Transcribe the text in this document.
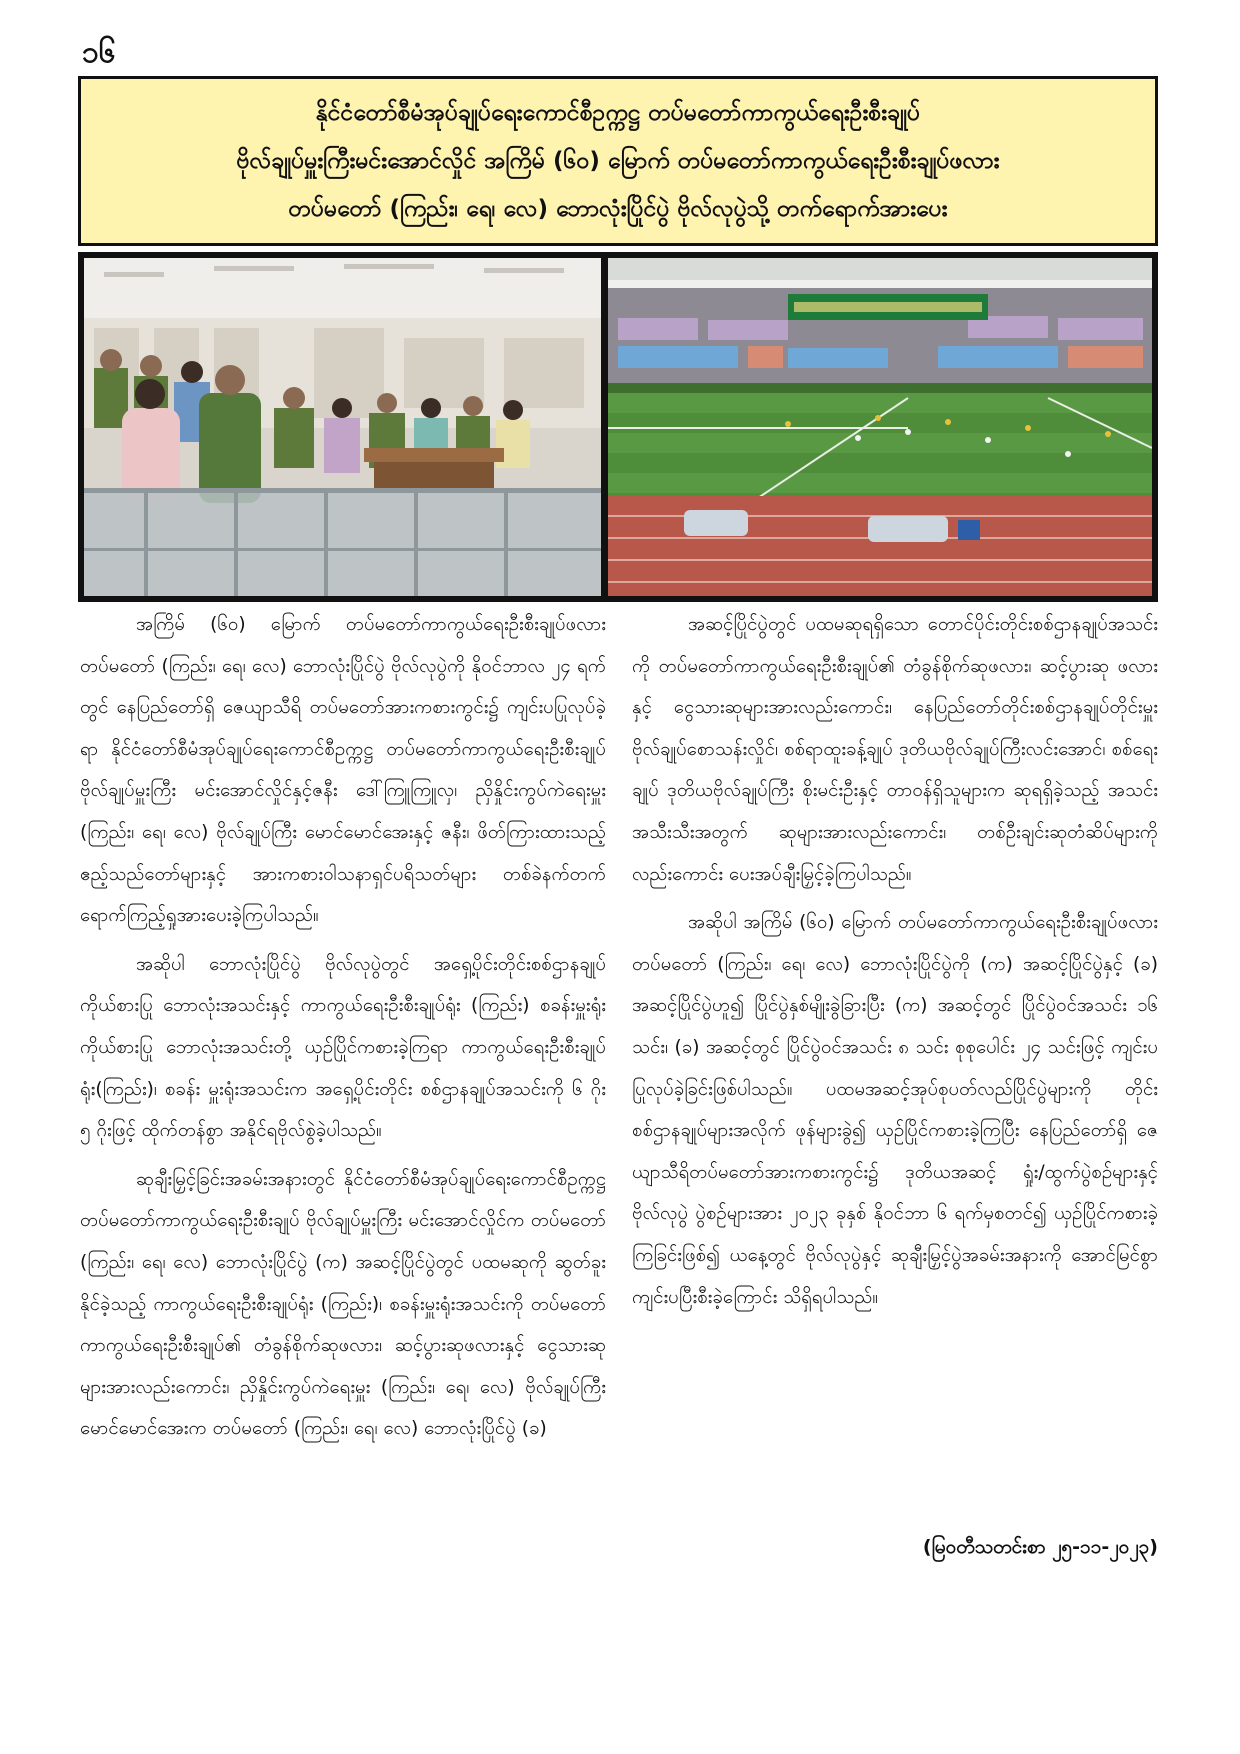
၁၆
နိုင်ငံတော်စီမံအုပ်ချုပ်ရေးကောင်စီဥက္ကဋ္ဌ တပ်မတော်ကာကွယ်ရေးဦးစီးချုပ်
ဗိုလ်ချုပ်မှူးကြီးမင်းအောင်လှိုင် အကြိမ် (၆၀) မြောက် တပ်မတော်ကာကွယ်ရေးဦးစီးချုပ်ဖလား
တပ်မတော် (ကြည်း၊ ရေ၊ လေ) ဘောလုံးပြိုင်ပွဲ ဗိုလ်လုပွဲသို့ တက်ရောက်အားပေး

အကြိမ် (၆၀) မြောက် တပ်မတော်ကာကွယ်ရေးဦးစီးချုပ်ဖလား တပ်မတော် (ကြည်း၊ ရေ၊ လေ) ဘောလုံးပြိုင်ပွဲ ဗိုလ်လုပွဲကို နိုဝင်ဘာလ ၂၄ ရက်တွင် နေပြည်တော်ရှိ ဇေယျာသီရိ တပ်မတော်အားကစားကွင်း၌ ကျင်းပပြုလုပ်ခဲ့ရာ နိုင်ငံတော်စီမံအုပ်ချုပ်ရေးကောင်စီဥက္ကဋ္ဌ တပ်မတော်ကာကွယ်ရေးဦးစီးချုပ် ဗိုလ်ချုပ်မှူးကြီး မင်းအောင်လှိုင်နှင့်ဇနီး ဒေါ်ကြူကြူလှ၊ ညှိနှိုင်းကွပ်ကဲရေးမှူး (ကြည်း၊ ရေ၊ လေ) ဗိုလ်ချုပ်ကြီး မောင်မောင်အေးနှင့် ဇနီး၊ ဖိတ်ကြားထားသည့် ဧည့်သည်တော်များနှင့် အားကစားဝါသနာရှင်ပရိသတ်များ တစ်ခဲနက်တက်ရောက်ကြည့်ရှုအားပေးခဲ့ကြပါသည်။

အဆိုပါ ဘောလုံးပြိုင်ပွဲ ဗိုလ်လုပွဲတွင် အရှေ့ပိုင်းတိုင်းစစ်ဌာနချုပ်ကိုယ်စားပြု ဘောလုံးအသင်းနှင့် ကာကွယ်ရေးဦးစီးချုပ်ရုံး (ကြည်း) စခန်းမှူးရုံးကိုယ်စားပြု ဘောလုံးအသင်းတို့ ယှဉ်ပြိုင်ကစားခဲ့ကြရာ ကာကွယ်ရေးဦးစီးချုပ်ရုံး(ကြည်း)၊ စခန်း မှူးရုံးအသင်းက အရှေ့ပိုင်းတိုင်း စစ်ဌာနချုပ်အသင်းကို ၆ ဂိုး ၅ ဂိုးဖြင့် ထိုက်တန်စွာ အနိုင်ရဗိုလ်စွဲခဲ့ပါသည်။

ဆုချီးမြှင့်ခြင်းအခမ်းအနားတွင် နိုင်ငံတော်စီမံအုပ်ချုပ်ရေးကောင်စီဥက္ကဋ္ဌ တပ်မတော်ကာကွယ်ရေးဦးစီးချုပ် ဗိုလ်ချုပ်မှူးကြီး မင်းအောင်လှိုင်က တပ်မတော် (ကြည်း၊ ရေ၊ လေ) ဘောလုံးပြိုင်ပွဲ (က) အဆင့်ပြိုင်ပွဲတွင် ပထမဆုကို ဆွတ်ခူးနိုင်ခဲ့သည့် ကာကွယ်ရေးဦးစီးချုပ်ရုံး (ကြည်း)၊ စခန်းမှူးရုံးအသင်းကို တပ်မတော်ကာကွယ်ရေးဦးစီးချုပ်၏ တံခွန်စိုက်ဆုဖလား၊ ဆင့်ပွားဆုဖလားနှင့် ငွေသားဆုများအားလည်းကောင်း၊ ညှိနှိုင်းကွပ်ကဲရေးမှူး (ကြည်း၊ ရေ၊ လေ) ဗိုလ်ချုပ်ကြီး မောင်မောင်အေးက တပ်မတော် (ကြည်း၊ ရေ၊ လေ) ဘောလုံးပြိုင်ပွဲ (ခ)

အဆင့်ပြိုင်ပွဲတွင် ပထမဆုရရှိသော တောင်ပိုင်းတိုင်းစစ်ဌာနချုပ်အသင်းကို တပ်မတော်ကာကွယ်ရေးဦးစီးချုပ်၏ တံခွန်စိုက်ဆုဖလား၊ ဆင့်ပွားဆု ဖလားနှင့် ငွေသားဆုများအားလည်းကောင်း၊ နေပြည်တော်တိုင်းစစ်ဌာနချုပ်တိုင်းမှူး ဗိုလ်ချုပ်စောသန်းလှိုင်၊ စစ်ရာထူးခန့်ချုပ် ဒုတိယဗိုလ်ချုပ်ကြီးလင်းအောင်၊ စစ်ရေးချုပ် ဒုတိယဗိုလ်ချုပ်ကြီး စိုးမင်းဦးနှင့် တာဝန်ရှိသူများက ဆုရရှိခဲ့သည့် အသင်းအသီးသီးအတွက် ဆုများအားလည်းကောင်း၊ တစ်ဦးချင်းဆုတံဆိပ်များကိုလည်းကောင်း ပေးအပ်ချီးမြှင့်ခဲ့ကြပါသည်။

အဆိုပါ အကြိမ် (၆၀) မြောက် တပ်မတော်ကာကွယ်ရေးဦးစီးချုပ်ဖလား တပ်မတော် (ကြည်း၊ ရေ၊ လေ) ဘောလုံးပြိုင်ပွဲကို (က) အဆင့်ပြိုင်ပွဲနှင့် (ခ) အဆင့်ပြိုင်ပွဲဟူ၍ ပြိုင်ပွဲနှစ်မျိုးခွဲခြားပြီး (က) အဆင့်တွင် ပြိုင်ပွဲဝင်အသင်း ၁၆ သင်း၊ (ခ) အဆင့်တွင် ပြိုင်ပွဲဝင်အသင်း ၈ သင်း စုစုပေါင်း ၂၄ သင်းဖြင့် ကျင်းပပြုလုပ်ခဲ့ခြင်းဖြစ်ပါသည်။ ပထမအဆင့်အုပ်စုပတ်လည်ပြိုင်ပွဲများကို တိုင်းစစ်ဌာနချုပ်များအလိုက် ဖုန်များခွဲ၍ ယှဉ်ပြိုင်ကစားခဲ့ကြပြီး နေပြည်တော်ရှိ ဇေယျာသီရိတပ်မတော်အားကစားကွင်း၌ ဒုတိယအဆင့် ရှုံး/ထွက်ပွဲစဉ်များနှင့် ဗိုလ်လုပွဲ ပွဲစဉ်များအား ၂၀၂၃ ခုနှစ် နိုဝင်ဘာ ၆ ရက်မှစတင်၍ ယှဉ်ပြိုင်ကစားခဲ့ကြခြင်းဖြစ်၍ ယနေ့တွင် ဗိုလ်လုပွဲနှင့် ဆုချီးမြှင့်ပွဲအခမ်းအနားကို အောင်မြင်စွာ ကျင်းပပြီးစီးခဲ့ကြောင်း သိရှိရပါသည်။

(မြဝတီသတင်းစာ ၂၅-၁၁-၂၀၂၃)
